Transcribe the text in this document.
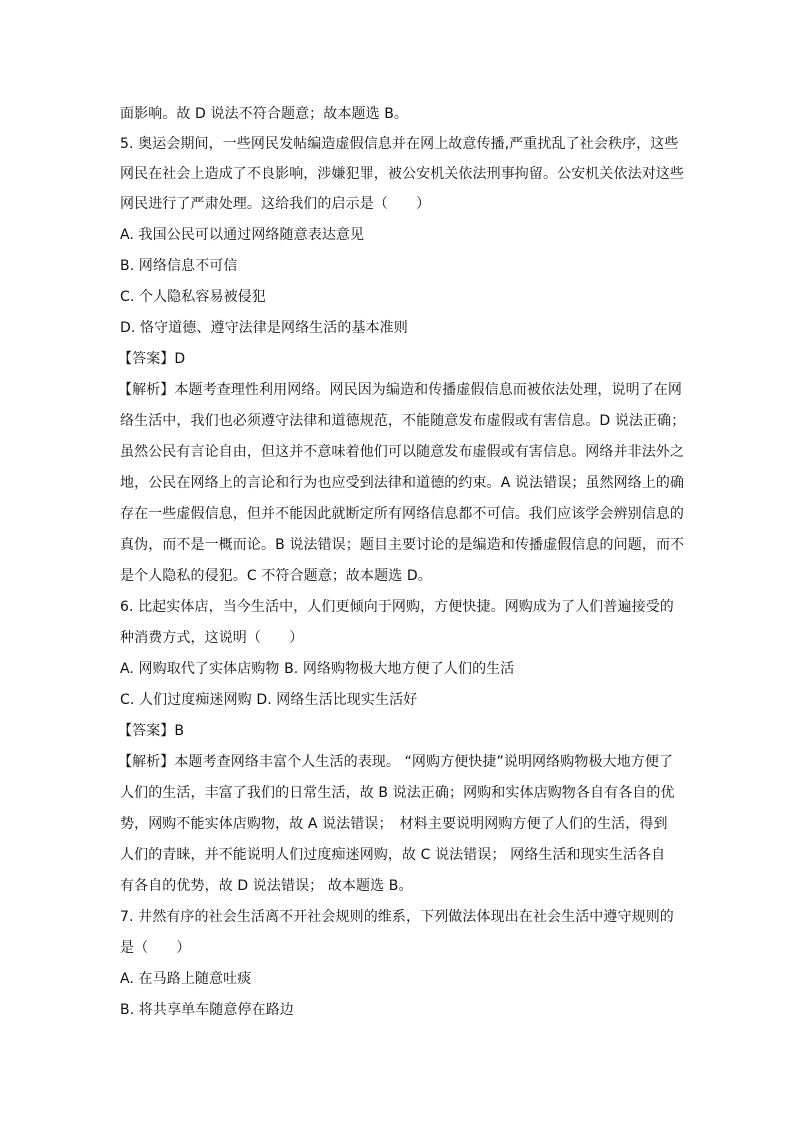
面影响。故 D 说法不符合题意；故本题选 B。
5. 奥运会期间，一些网民发帖编造虚假信息并在网上故意传播,严重扰乱了社会秩序，这些
网民在社会上造成了不良影响，涉嫌犯罪，被公安机关依法刑事拘留。公安机关依法对这些
网民进行了严肃处理。这给我们的启示是（　　）
A. 我国公民可以通过网络随意表达意见
B. 网络信息不可信
C. 个人隐私容易被侵犯
D. 恪守道德、遵守法律是网络生活的基本准则
【答案】D
【解析】本题考查理性利用网络。网民因为编造和传播虚假信息而被依法处理，说明了在网
络生活中，我们也必须遵守法律和道德规范，不能随意发布虚假或有害信息。D 说法正确；
虽然公民有言论自由，但这并不意味着他们可以随意发布虚假或有害信息。网络并非法外之
地，公民在网络上的言论和行为也应受到法律和道德的约束。A 说法错误；虽然网络上的确
存在一些虚假信息，但并不能因此就断定所有网络信息都不可信。我们应该学会辨别信息的
真伪，而不是一概而论。B 说法错误；题目主要讨论的是编造和传播虚假信息的问题，而不
是个人隐私的侵犯。C 不符合题意；故本题选 D。
6. 比起实体店，当今生活中，人们更倾向于网购，方便快捷。网购成为了人们普遍接受的
种消费方式，这说明（　　）
A. 网购取代了实体店购物 B. 网络购物极大地方便了人们的生活
C. 人们过度痴迷网购 D. 网络生活比现实生活好
【答案】B
【解析】本题考查网络丰富个人生活的表现。 “网购方便快捷”说明网络购物极大地方便了
人们的生活，丰富了我们的日常生活，故 B 说法正确；网购和实体店购物各自有各自的优
势，网购不能实体店购物，故 A 说法错误；　材料主要说明网购方便了人们的生活，得到
人们的青睐，并不能说明人们过度痴迷网购，故 C 说法错误； 网络生活和现实生活各自
有各自的优势，故 D 说法错误； 故本题选 B。
7. 井然有序的社会生活离不开社会规则的维系，下列做法体现出在社会生活中遵守规则的
是（　　）
A. 在马路上随意吐痰
B. 将共享单车随意停在路边
